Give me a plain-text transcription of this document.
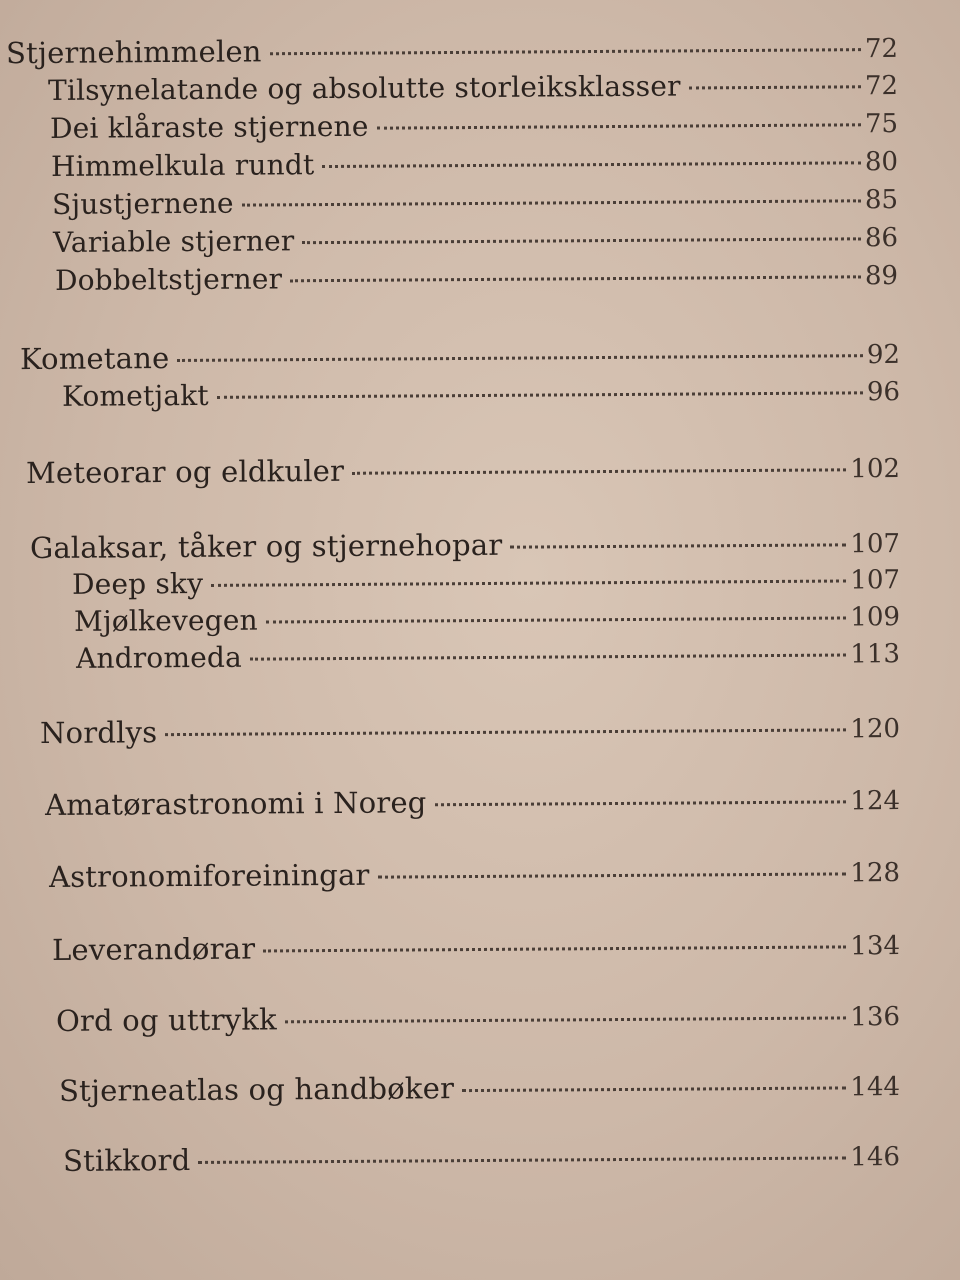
Stjernehimmelen	72
Tilsynelatande og absolutte storleiksklasser	72
Dei klåraste stjernene	75
Himmelkula rundt	80
Sjustjernene	85
Variable stjerner	86
Dobbeltstjerner	89
Kometane	92
Kometjakt	96
Meteorar og eldkuler	102
Galaksar, tåker og stjernehopar	107
Deep sky	107
Mjølkevegen	109
Andromeda	113
Nordlys	120
Amatørastronomi i Noreg	124
Astronomiforeiningar	128
Leverandørar	134
Ord og uttrykk	136
Stjerneatlas og handbøker	144
Stikkord	146
